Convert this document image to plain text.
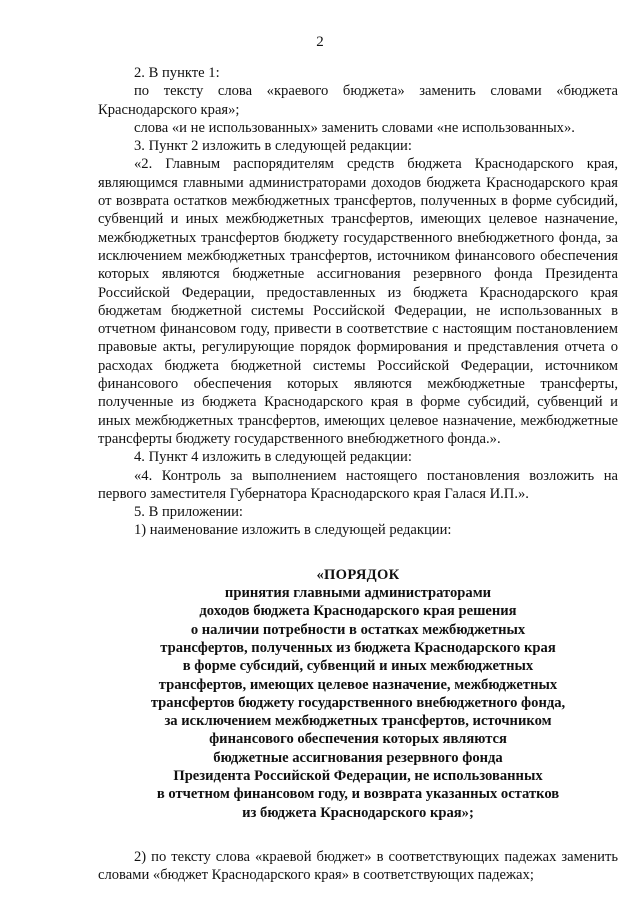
2

2. В пункте 1:

по тексту слова «краевого бюджета» заменить словами «бюджета Краснодарского края»;

слова «и не использованных» заменить словами «не использованных».

3. Пункт 2 изложить в следующей редакции:

«2. Главным распорядителям средств бюджета Краснодарского края, являющимся главными администраторами доходов бюджета Краснодарского края от возврата остатков межбюджетных трансфертов, полученных в форме субсидий, субвенций и иных межбюджетных трансфертов, имеющих целевое назначение, межбюджетных трансфертов бюджету государственного внебюджетного фонда, за исключением межбюджетных трансфертов, источником финансового обеспечения которых являются бюджетные ассигнования резервного фонда Президента Российской Федерации, предоставленных из бюджета Краснодарского края бюджетам бюджетной системы Российской Федерации, не использованных в отчетном финансовом году, привести в соответствие с настоящим постановлением правовые акты, регулирующие порядок формирования и представления отчета о расходах бюджета бюджетной системы Российской Федерации, источником финансового обеспечения которых являются межбюджетные трансферты, полученные из бюджета Краснодарского края в форме субсидий, субвенций и иных межбюджетных трансфертов, имеющих целевое назначение, межбюджетные трансферты бюджету государственного внебюджетного фонда.».

4. Пункт 4 изложить в следующей редакции:

«4. Контроль за выполнением настоящего постановления возложить на первого заместителя Губернатора Краснодарского края Галася И.П.».

5. В приложении:

1) наименование изложить в следующей редакции:

«ПОРЯДОК
принятия главными администраторами
доходов бюджета Краснодарского края решения
о наличии потребности в остатках межбюджетных
трансфертов, полученных из бюджета Краснодарского края
в форме субсидий, субвенций и иных межбюджетных
трансфертов, имеющих целевое назначение, межбюджетных
трансфертов бюджету государственного внебюджетного фонда,
за исключением межбюджетных трансфертов, источником
финансового обеспечения которых являются
бюджетные ассигнования резервного фонда
Президента Российской Федерации, не использованных
в отчетном финансовом году, и возврата указанных остатков
из бюджета Краснодарского края»;

2) по тексту слова «краевой бюджет» в соответствующих падежах заменить словами «бюджет Краснодарского края» в соответствующих падежах;
